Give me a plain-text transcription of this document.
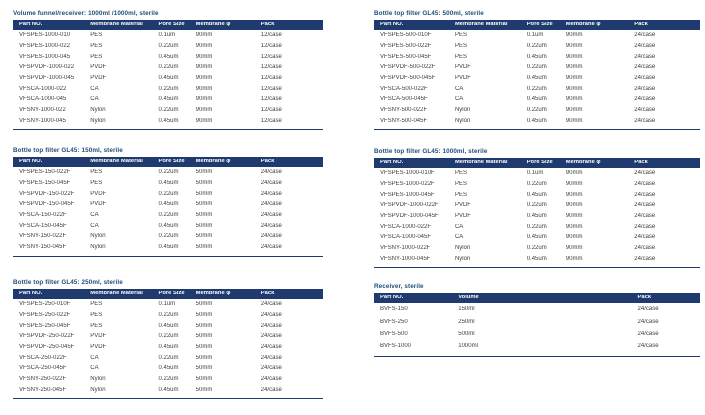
Volume funnel/receiver: 1000ml /1000ml, sterile
Part NO.	Membrane Material	Pore Size	Membrane φ	Pack
VFSPES-1000-010	PES	0.1um	90mm	12/case
VFSPES-1000-022	PES	0.22um	90mm	12/case
VFSPES-1000-045	PES	0.45um	90mm	12/case
VFSPVDF-1000-022	PVDF	0.22um	90mm	12/case
VFSPVDF-1000-045	PVDF	0.45um	90mm	12/case
VFSCA-1000-022	CA	0.22um	90mm	12/case
VFSCA-1000-045	CA	0.45um	90mm	12/case
VFSNY-1000-022	Nylon	0.22um	90mm	12/case
VFSNY-1000-045	Nylon	0.45um	90mm	12/case
Bottle top filter GL45: 150ml, sterile
Part NO.	Membrane Material	Pore Size	Membrane φ	Pack
VFSPES-150-022F	PES	0.22um	50mm	24/case
VFSPES-150-045F	PES	0.45um	50mm	24/case
VFSPVDF-150-022F	PVDF	0.22um	50mm	24/case
VFSPVDF-150-045F	PVDF	0.45um	50mm	24/case
VFSCA-150-022F	CA	0.22um	50mm	24/case
VFSCA-150-045F	CA	0.45um	50mm	24/case
VFSNY-150-022F	Nylon	0.22um	50mm	24/case
VFSNY-150-045F	Nylon	0.45um	50mm	24/case
Bottle top filter GL45: 250ml, sterile
Part NO.	Membrane Material	Pore Size	Membrane φ	Pack
VFSPES-250-010F	PES	0.1um	50mm	24/case
VFSPES-250-022F	PES	0.22um	50mm	24/case
VFSPES-250-045F	PES	0.45um	50mm	24/case
VFSPVDF-250-022F	PVDF	0.22um	50mm	24/case
VFSPVDF-250-045F	PVDF	0.45um	50mm	24/case
VFSCA-250-022F	CA	0.22um	50mm	24/case
VFSCA-250-045F	CA	0.45um	50mm	24/case
VFSNY-250-022F	Nylon	0.22um	50mm	24/case
VFSNY-250-045F	Nylon	0.45um	50mm	24/case
Bottle top filter GL45: 500ml, sterile
Part NO.	Membrane Material	Pore Size	Membrane φ	Pack
VFSPES-500-010F	PES	0.1um	90mm	24/case
VFSPES-500-022F	PES	0.22um	90mm	24/case
VFSPES-500-045F	PES	0.45um	90mm	24/case
VFSPVDF-500-022F	PVDF	0.22um	90mm	24/case
VFSPVDF-500-045F	PVDF	0.45um	90mm	24/case
VFSCA-500-022F	CA	0.22um	90mm	24/case
VFSCA-500-045F	CA	0.45um	90mm	24/case
VFSNY-500-022F	Nylon	0.22um	90mm	24/case
VFSNY-500-045F	Nylon	0.45um	90mm	24/case
Bottle top filter GL45: 1000ml, sterile
Part NO.	Membrane Material	Pore Size	Membrane φ	Pack
VFSPES-1000-010F	PES	0.1um	90mm	24/case
VFSPES-1000-022F	PES	0.22um	90mm	24/case
VFSPES-1000-045F	PES	0.45um	90mm	24/case
VFSPVDF-1000-022F	PVDF	0.22um	90mm	24/case
VFSPVDF-1000-045F	PVDF	0.45um	90mm	24/case
VFSCA-1000-022F	CA	0.22um	90mm	24/case
VFSCA-1000-045F	CA	0.45um	90mm	24/case
VFSNY-1000-022F	Nylon	0.22um	90mm	24/case
VFSNY-1000-045F	Nylon	0.45um	90mm	24/case
Receiver, sterile
Part NO.	Volume	Pack
BVFS-150	150ml	24/case
BVFS-250	250ml	24/case
BVFS-500	500ml	24/case
BVFS-1000	1000ml	24/case
